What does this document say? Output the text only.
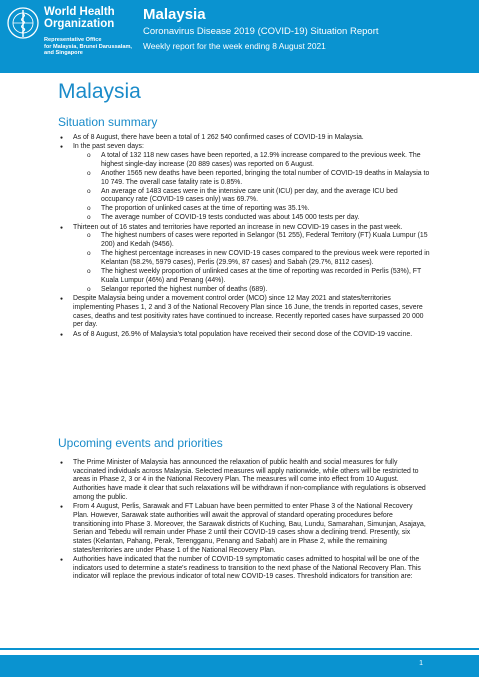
World Health
Organization
Representative Office
for Malaysia, Brunei Darussalam,
and Singapore
Malaysia
Coronavirus Disease 2019 (COVID-19) Situation Report
Weekly report for the week ending 8 August 2021
Malaysia
Situation summary
● As of 8 August, there have been a total of 1 262 540 confirmed cases of COVID-19 in Malaysia.
● In the past seven days:
o A total of 132 118 new cases have been reported, a 12.9% increase compared to the previous week. The highest single-day increase (20 889 cases) was reported on 6 August.
o Another 1565 new deaths have been reported, bringing the total number of COVID-19 deaths in Malaysia to 10 749. The overall case fatality rate is 0.85%.
o An average of 1483 cases were in the intensive care unit (ICU) per day, and the average ICU bed occupancy rate (COVID-19 cases only) was 69.7%.
o The proportion of unlinked cases at the time of reporting was 35.1%.
o The average number of COVID-19 tests conducted was about 145 000 tests per day.
● Thirteen out of 16 states and territories have reported an increase in new COVID-19 cases in the past week.
o The highest numbers of cases were reported in Selangor (51 255), Federal Territory (FT) Kuala Lumpur (15 200) and Kedah (9456).
o The highest percentage increases in new COVID-19 cases compared to the previous week were reported in Kelantan (58.2%, 5979 cases), Perlis (29.9%, 87 cases) and Sabah (29.7%, 8112 cases).
o The highest weekly proportion of unlinked cases at the time of reporting was recorded in Perlis (53%), FT Kuala Lumpur (46%) and Penang (44%).
o Selangor reported the highest number of deaths (689).
● Despite Malaysia being under a movement control order (MCO) since 12 May 2021 and states/territories implementing Phases 1, 2 and 3 of the National Recovery Plan since 16 June, the trends in reported cases, severe cases, deaths and test positivity rates have continued to increase. Recently reported cases have surpassed 20 000 per day.
● As of 8 August, 26.9% of Malaysia's total population have received their second dose of the COVID-19 vaccine.
Upcoming events and priorities
● The Prime Minister of Malaysia has announced the relaxation of public health and social measures for fully vaccinated individuals across Malaysia. Selected measures will apply nationwide, while others will be restricted to areas in Phase 2, 3 or 4 in the National Recovery Plan. The measures will come into effect from 10 August. Authorities have made it clear that such relaxations will be withdrawn if non-compliance with regulations is observed among the public.
● From 4 August, Perlis, Sarawak and FT Labuan have been permitted to enter Phase 3 of the National Recovery Plan. However, Sarawak state authorities will await the approval of standard operating procedures before transitioning into Phase 3. Moreover, the Sarawak districts of Kuching, Bau, Lundu, Samarahan, Simunjan, Asajaya, Serian and Tebedu will remain under Phase 2 until their COVID-19 cases show a declining trend. Presently, six states (Kelantan, Pahang, Perak, Terengganu, Penang and Sabah) are in Phase 2, while the remaining states/territories are under Phase 1 of the National Recovery Plan.
● Authorities have indicated that the number of COVID-19 symptomatic cases admitted to hospital will be one of the indicators used to determine a state's readiness to transition to the next phase of the National Recovery Plan. This indicator will replace the previous indicator of total new COVID-19 cases. Threshold indicators for transition are:
1
